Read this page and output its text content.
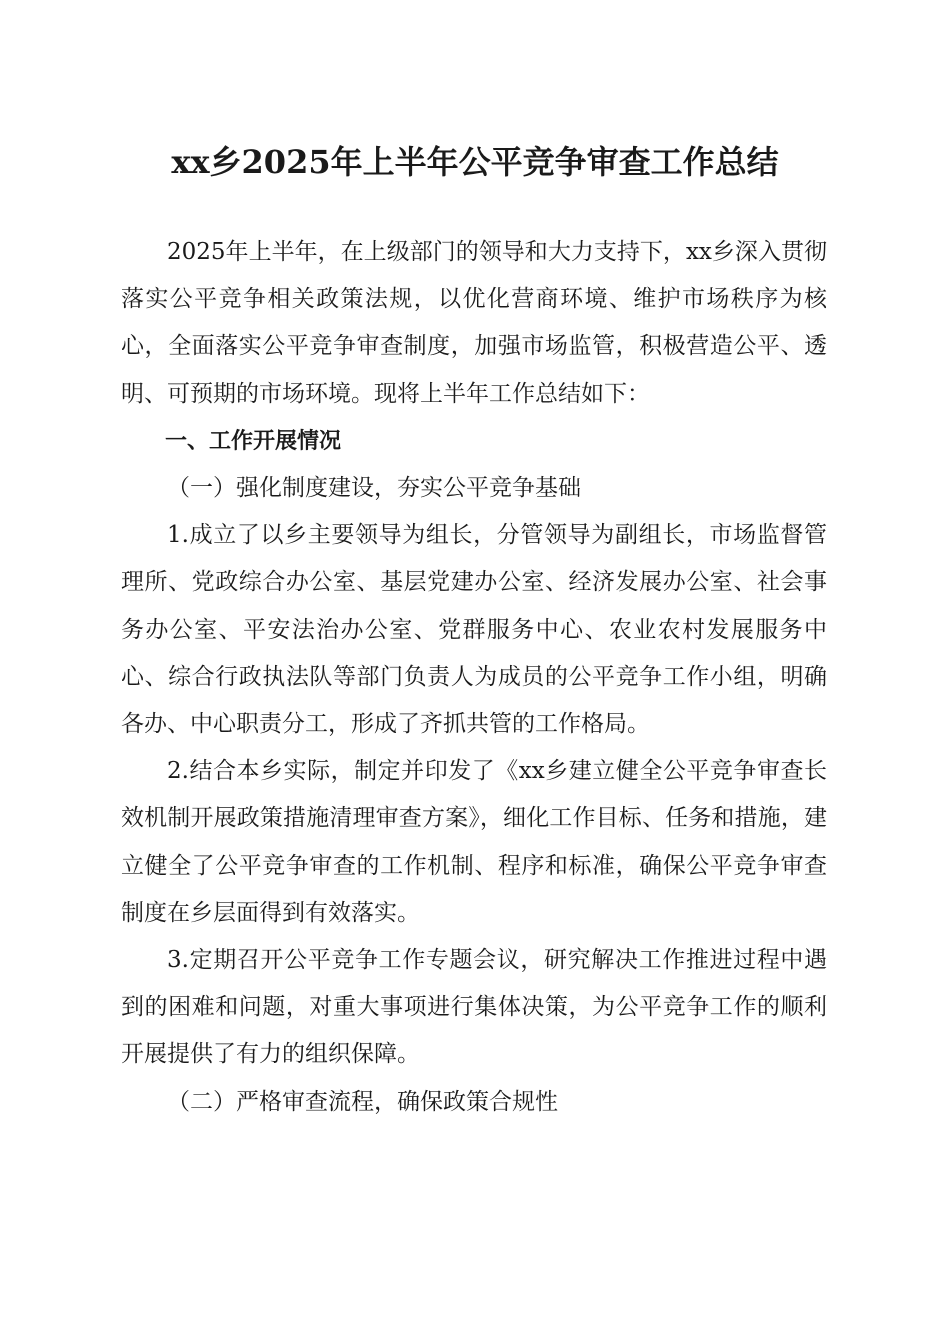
xx乡2025年上半年公平竞争审查工作总结

2025年上半年，在上级部门的领导和大力支持下，xx乡深入贯彻落实公平竞争相关政策法规，以优化营商环境、维护市场秩序为核心，全面落实公平竞争审查制度，加强市场监管，积极营造公平、透明、可预期的市场环境。现将上半年工作总结如下：

一、工作开展情况

（一）强化制度建设，夯实公平竞争基础

1.成立了以乡主要领导为组长，分管领导为副组长，市场监督管理所、党政综合办公室、基层党建办公室、经济发展办公室、社会事务办公室、平安法治办公室、党群服务中心、农业农村发展服务中心、综合行政执法队等部门负责人为成员的公平竞争工作小组，明确各办、中心职责分工，形成了齐抓共管的工作格局。

2.结合本乡实际，制定并印发了《xx乡建立健全公平竞争审查长效机制开展政策措施清理审查方案》，细化工作目标、任务和措施，建立健全了公平竞争审查的工作机制、程序和标准，确保公平竞争审查制度在乡层面得到有效落实。

3.定期召开公平竞争工作专题会议，研究解决工作推进过程中遇到的困难和问题，对重大事项进行集体决策，为公平竞争工作的顺利开展提供了有力的组织保障。

（二）严格审查流程，确保政策合规性
